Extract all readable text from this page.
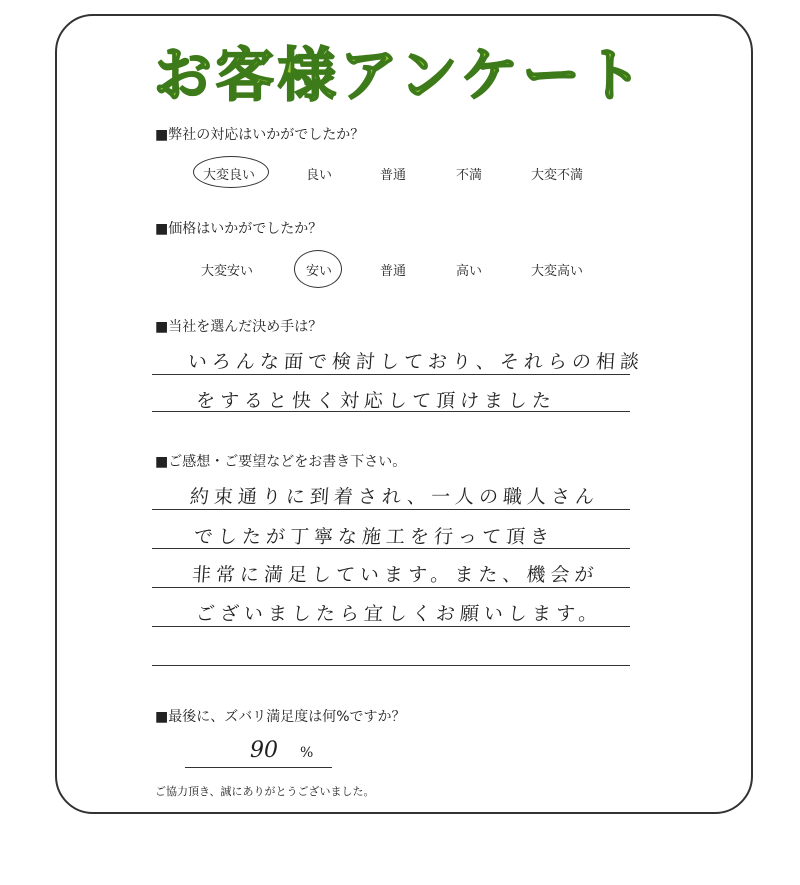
お客様アンケート
■弊社の対応はいかがでしたか？
大変良い	良い	普通	不満	大変不満
■価格はいかがでしたか？
大変安い	安い	普通	高い	大変高い
■当社を選んだ決め手は？
いろんな面で検討しており、それらの相談
をすると快く対応して頂けました
■ご感想・ご要望などをお書き下さい。
約束通りに到着され、一人の職人さん
でしたが丁寧な施工を行って頂き
非常に満足しています。また、機会が
ございましたら宜しくお願いします。
■最後に、ズバリ満足度は何%ですか？
90 %
ご協力頂き、誠にありがとうございました。
